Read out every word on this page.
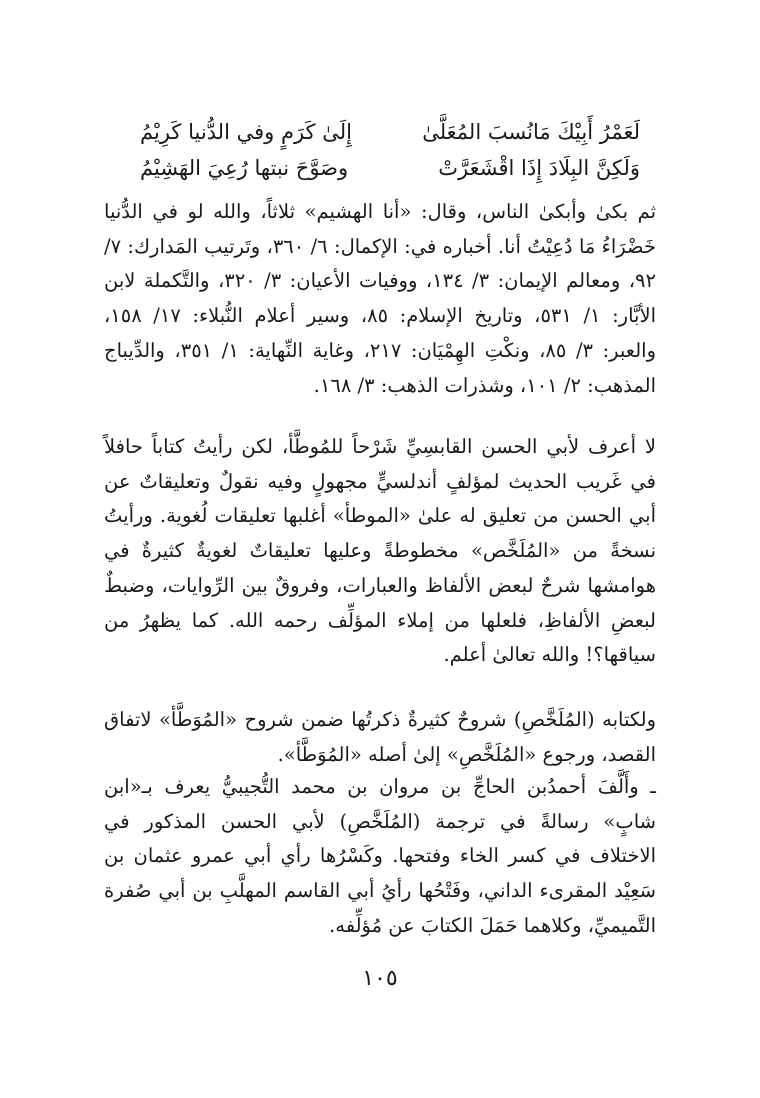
لَعَمْرُ أَبِيْكَ مَانُسبَ المُعَلَّىٰ
إِلَىٰ كَرَمٍ وفي الدُّنيا كَرِيْمُ
وَلَكِنَّ البِلَادَ إِذَا اقْشَعَرَّتْ
وصَوَّحَ نبتها رُعِيَ الهَشِيْمُ

ثم بكىٰ وأبكىٰ الناس، وقال: «أنا الهشيم» ثلاثاً، والله لو في الدُّنيا خَضْرَاءُ مَا دُعِيْتُ أنا. أخباره في: الإكمال: ٦/ ٣٦٠، وتَرتيب المَدارك: ٧/ ٩٢، ومعالم الإيمان: ٣/ ١٣٤، ووفيات الأعيان: ٣/ ٣٢٠، والتَّكملة لابن الأبَّار: ١/ ٥٣١، وتاريخ الإسلام: ٨٥، وسير أعلام النُّبلاء: ١٧/ ١٥٨، والعبر: ٣/ ٨٥، ونكْتِ الهِمْيَان: ٢١٧، وغاية النِّهاية: ١/ ٣٥١، والدِّيباج المذهب: ٢/ ١٠١، وشذرات الذهب: ٣/ ١٦٨.

لا أعرف لأبي الحسن القابسِيِّ شَرْحاً للمُوطَّأ، لكن رأيتُ كتاباً حافلاً في غَريب الحديث لمؤلفٍ أندلسيٍّ مجهولٍ وفيه نقولٌ وتعليقاتٌ عن أبي الحسن من تعليق له علىٰ «الموطأ» أغلبها تعليقات لُغوية. ورأيتُ نسخةً من «المُلَخَّص» مخطوطةً وعليها تعليقاتٌ لغويةٌ كثيرةٌ في هوامشها شرحٌ لبعض الألفاظ والعبارات، وفروقٌ بين الرِّوايات، وضبطٌ لبعضِ الألفاظِ، فلعلها من إملاء المؤلِّف رحمه الله. كما يظهرُ من سياقها؟! والله تعالىٰ أعلم.

ولكتابه (المُلَخَّصِ) شروحٌ كثيرةٌ ذكرتُها ضمن شروح «المُوَطَّأ» لاتفاق القصد، ورجوع «المُلَخَّصِ» إلىٰ أصله «المُوَطَّأ».

ـ وأَلَّفَ أحمدُبن الحاجِّ بن مروان بن محمد التُّجيبيُّ يعرف بـ«ابن شابٍ» رسالةً في ترجمة (المُلَخَّصِ) لأبي الحسن المذكور في الاختلاف في كسر الخاء وفتحها. وكَسْرُها رأي أبي عمرو عثمان بن سَعِيْد المقرىء الداني، وفَتْحُها رأيُ أبي القاسم المهلَّبِ بن أبي صُفرة التَّميميِّ، وكلاهما حَمَلَ الكتابَ عن مُؤلِّفه.

١٠٥
